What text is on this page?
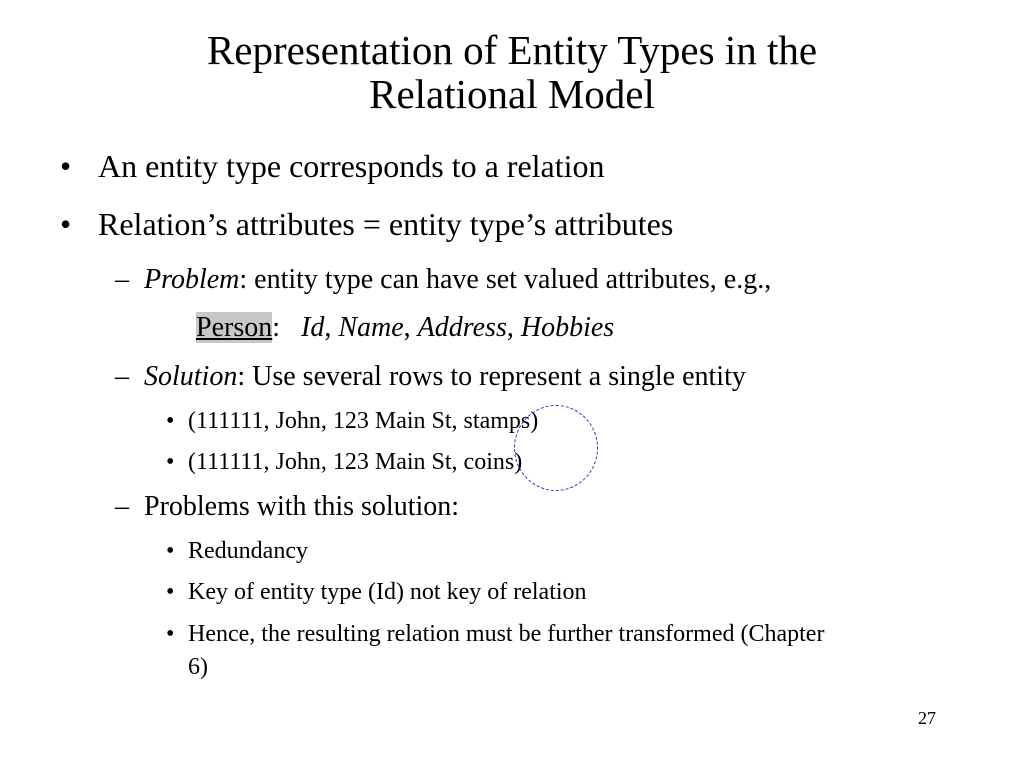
Representation of Entity Types in the
Relational Model
• An entity type corresponds to a relation
• Relation’s attributes = entity type’s attributes
– Problem: entity type can have set valued attributes, e.g.,
Person: Id, Name, Address, Hobbies
– Solution: Use several rows to represent a single entity
• (111111, John, 123 Main St, stamps)
• (111111, John, 123 Main St, coins)
– Problems with this solution:
• Redundancy
• Key of entity type (Id) not key of relation
• Hence, the resulting relation must be further transformed (Chapter
6)
27
